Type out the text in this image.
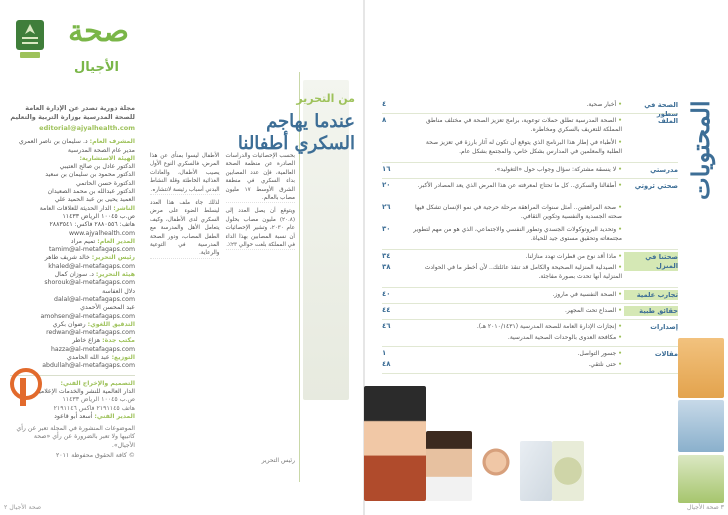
صحة
الأجيال
مجلة دورية تصدر عن الإدارة العامة
للصحة المدرسية بوزارة التربية والتعليم
editorial@ajyalhealth.com
المشرف العام: د. سليمان بن ناصر العمري
مدير عام الصحة المدرسية
الهيئة الاستشارية:
الدكتور عادل بن صالح العتيبي
الدكتور محمود بن سليمان بن سعيد
الدكتورة حسن الحاتمي
الدكتور عبدالله بن محمد الصعيدان
العميد يحيى بن عبد الحميد علي
الناشر: الدار الحديثة للعلاقات العامة
ص.ب ١٠٠٤٥ الرياض ١١٤٣٣
هاتف: ٢٨٨٠٥٥٦ فاكس: ٢٨٨٣٥٤١
www.ajyalhealth.com
المدير العام: تميم مراد
tamim@al-metafagaps.com
رئيس التحرير: خالد شريف طاهر
khaled@al-metafagaps.com
هيئة التحرير: د. سوزان كمال
shorouk@al-metafagaps.com
دلال العفاسة
dalal@al-metafagaps.com
عبد المحسن الأحمدي
amohsen@al-metafagaps.com
التدقيق اللغوي: رضوان بكري
redwan@al-metafagaps.com
مكتب جدة: هزاع خاطر
hazza@al-metafagaps.com
التوزيع: عبد الله الحامدي
abdullah@al-metafagaps.com
التصميم والإخراج الفني:
الدار العالمية للنشر والخدمات الإعلامية
ص.ب ١٠٠٤٥ الرياض ١١٤٣٣
هاتف ٢١٩١١٤٥ فاكس ٢١٩١١٤٦
المدير الفني: أسعد أبو قاعود
الموضوعات المنشورة في المجلة تعبر عن رأي كاتبيها ولا تعبر بالضرورة عن رأي «صحة الأجيال».
© كافة الحقوق محفوظة ٢٠١١
من التحرير
عندما يهاجم
السكري أطفالنا

بحسب الإحصائيات والدراسات الصادرة عن منظمة الصحة العالمية، فإن عدد المصابين بداء السكري في منطقة الشرق الأوسط ١٧ مليون مصاب بالعالم.

ويتوقع أن يصل العدد إلى (٢٠.٨) مليون مصاب بحلول عام ٢٠٣٠، وتشير الإحصائيات أن نسبة المصابين بهذا الداء في المملكة بلغت حوالي ٢٣٪.

الأطفال ليسوا بمنأى عن هذا المرض، فالسكري النوع الأول يصيب الأطفال، والعادات الغذائية الخاطئة وقلة النشاط البدني أسباب رئيسة لانتشاره.

لذلك جاء ملف هذا العدد ليسلط الضوء على مرض السكري لدى الأطفال، وكيف يتعامل الأهل والمدرسة مع الطفل المصاب، ودور الصحة المدرسية في التوعية والرعاية.

رئيس التحرير
صحة الأجيال ٢
المحتويات
الصحة في سطور
٤	•أخبار صحية.
الملف
٨	•الصحة المدرسية تطلق حملات توعوية، برامج تعزيز الصحة في مختلف مناطق المملكة للتعريف بالسكري ومخاطره.
•الأطباء في إطار هذا البرنامج الذي يتوقع أن تكون له آثار بارزة في تعزيز صحة الطلبة والمعلمين في المدارس بشكل خاص، والمجتمع بشكل عام.
مدرستي
١٦	•لا ينسقة مشتركة: سؤال وجواب حول «التغوليد».
صحتي ثروتي
٢٠	•أطفالنا والسكري.. كل ما تحتاج لمعرفته عن هذا المرض الذي يعد المصادر الأكبر.
٢٦	•صحة المراهقين.. أمثل سنوات المراهقة مرحلة حرجية في نمو الإنسان تشكل فيها صحته الجسدية والنفسية وتكوين الثقافي.
٣٠	•وتحديد البروتوكولات الجسدي وتطور النفسي والاجتماعي، الذي هو من مهم لتطوير مجتمعاته وتحقيق مستوى جيد للحياة.
صحتنا في المنزل
٣٤	•ماذا أقد نوع من قطرات تهدد منازلنا.
٣٨	•الصيدلية المنزلية الصحيحة والكامل قد تنقذ عائلتك.. لأن أخطر ما في الحوادث المنزلية أنها تحدث بصورة مفاجئة.
تجارب علمية
٤٠	•الصحة النفسية في ماروز.
حقائق طبية
٤٤	•الصداع تحت المجهر.
إصدارات
٤٦	•إنجازات الإدارة العامة للصحة المدرسية (٢٠١٠/١٤٣١ هـ).
•مكافحة العدوى بالوحدات الصحية المدرسية.
مقالات
١	•جسور التواصل.
٤٨	•حتى نلتقي.
٣ صحة الأجيال
